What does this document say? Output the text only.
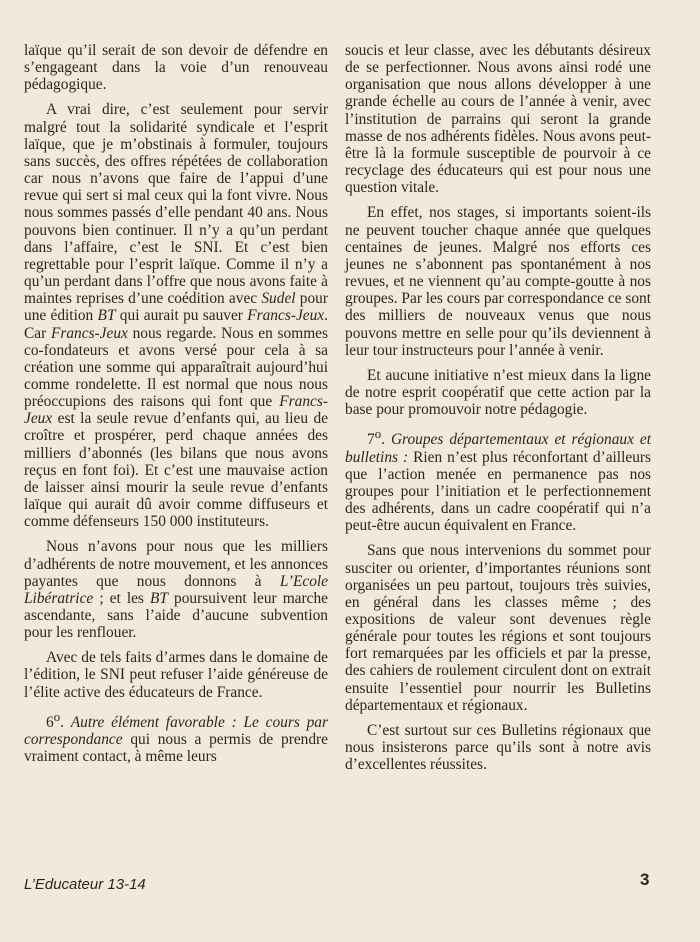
laïque qu’il serait de son devoir de défendre en s’engageant dans la voie d’un renouveau pédagogique.

A vrai dire, c’est seulement pour servir malgré tout la solidarité syndicale et l’esprit laïque, que je m’obstinais à formuler, toujours sans succès, des offres répétées de collaboration car nous n’avons que faire de l’appui d’une revue qui sert si mal ceux qui la font vivre. Nous nous sommes passés d’elle pendant 40 ans. Nous pouvons bien continuer. Il n’y a qu’un perdant dans l’affaire, c’est le SNI. Et c’est bien regrettable pour l’esprit laïque. Comme il n’y a qu’un perdant dans l’offre que nous avons faite à maintes reprises d’une coédition avec Sudel pour une édition BT qui aurait pu sauver Francs-Jeux. Car Francs-Jeux nous regarde. Nous en sommes co-fondateurs et avons versé pour cela à sa création une somme qui apparaîtrait aujourd’hui comme rondelette. Il est normal que nous nous préoccupions des raisons qui font que Francs-Jeux est la seule revue d’enfants qui, au lieu de croître et prospérer, perd chaque années des milliers d’abonnés (les bilans que nous avons reçus en font foi). Et c’est une mauvaise action de laisser ainsi mourir la seule revue d’enfants laïque qui aurait dû avoir comme diffuseurs et comme défenseurs 150 000 instituteurs.

Nous n’avons pour nous que les milliers d’adhérents de notre mouvement, et les annonces payantes que nous donnons à L’Ecole Libératrice ; et les BT poursuivent leur marche ascendante, sans l’aide d’aucune subvention pour les renflouer.

Avec de tels faits d’armes dans le domaine de l’édition, le SNI peut refuser l’aide généreuse de l’élite active des éducateurs de France.

6$^o$. Autre élément favorable : Le cours par correspondance qui nous a permis de prendre vraiment contact, à même leurs

soucis et leur classe, avec les débutants désireux de se perfectionner. Nous avons ainsi rodé une organisation que nous allons développer à une grande échelle au cours de l’année à venir, avec l’institution de parrains qui seront la grande masse de nos adhérents fidèles. Nous avons peut-être là la formule susceptible de pourvoir à ce recyclage des éducateurs qui est pour nous une question vitale.

En effet, nos stages, si importants soient-ils ne peuvent toucher chaque année que quelques centaines de jeunes. Malgré nos efforts ces jeunes ne s’abonnent pas spontanément à nos revues, et ne viennent qu’au compte-goutte à nos groupes. Par les cours par correspondance ce sont des milliers de nouveaux venus que nous pouvons mettre en selle pour qu’ils deviennent à leur tour instructeurs pour l’année à venir.

Et aucune initiative n’est mieux dans la ligne de notre esprit coopératif que cette action par la base pour promouvoir notre pédagogie.

7$^o$. Groupes départementaux et régionaux et bulletins : Rien n’est plus réconfortant d’ailleurs que l’action menée en permanence pas nos groupes pour l’initiation et le perfectionnement des adhérents, dans un cadre coopératif qui n’a peut-être aucun équivalent en France.

Sans que nous intervenions du sommet pour susciter ou orienter, d’importantes réunions sont organisées un peu partout, toujours très suivies, en général dans les classes même ; des expositions de valeur sont devenues règle générale pour toutes les régions et sont toujours fort remarquées par les officiels et par la presse, des cahiers de roulement circulent dont on extrait ensuite l’essentiel pour nourrir les Bulletins départementaux et régionaux.

C’est surtout sur ces Bulletins régionaux que nous insisterons parce qu’ils sont à notre avis d’excellentes réussites.

L’Educateur 13-14	3
